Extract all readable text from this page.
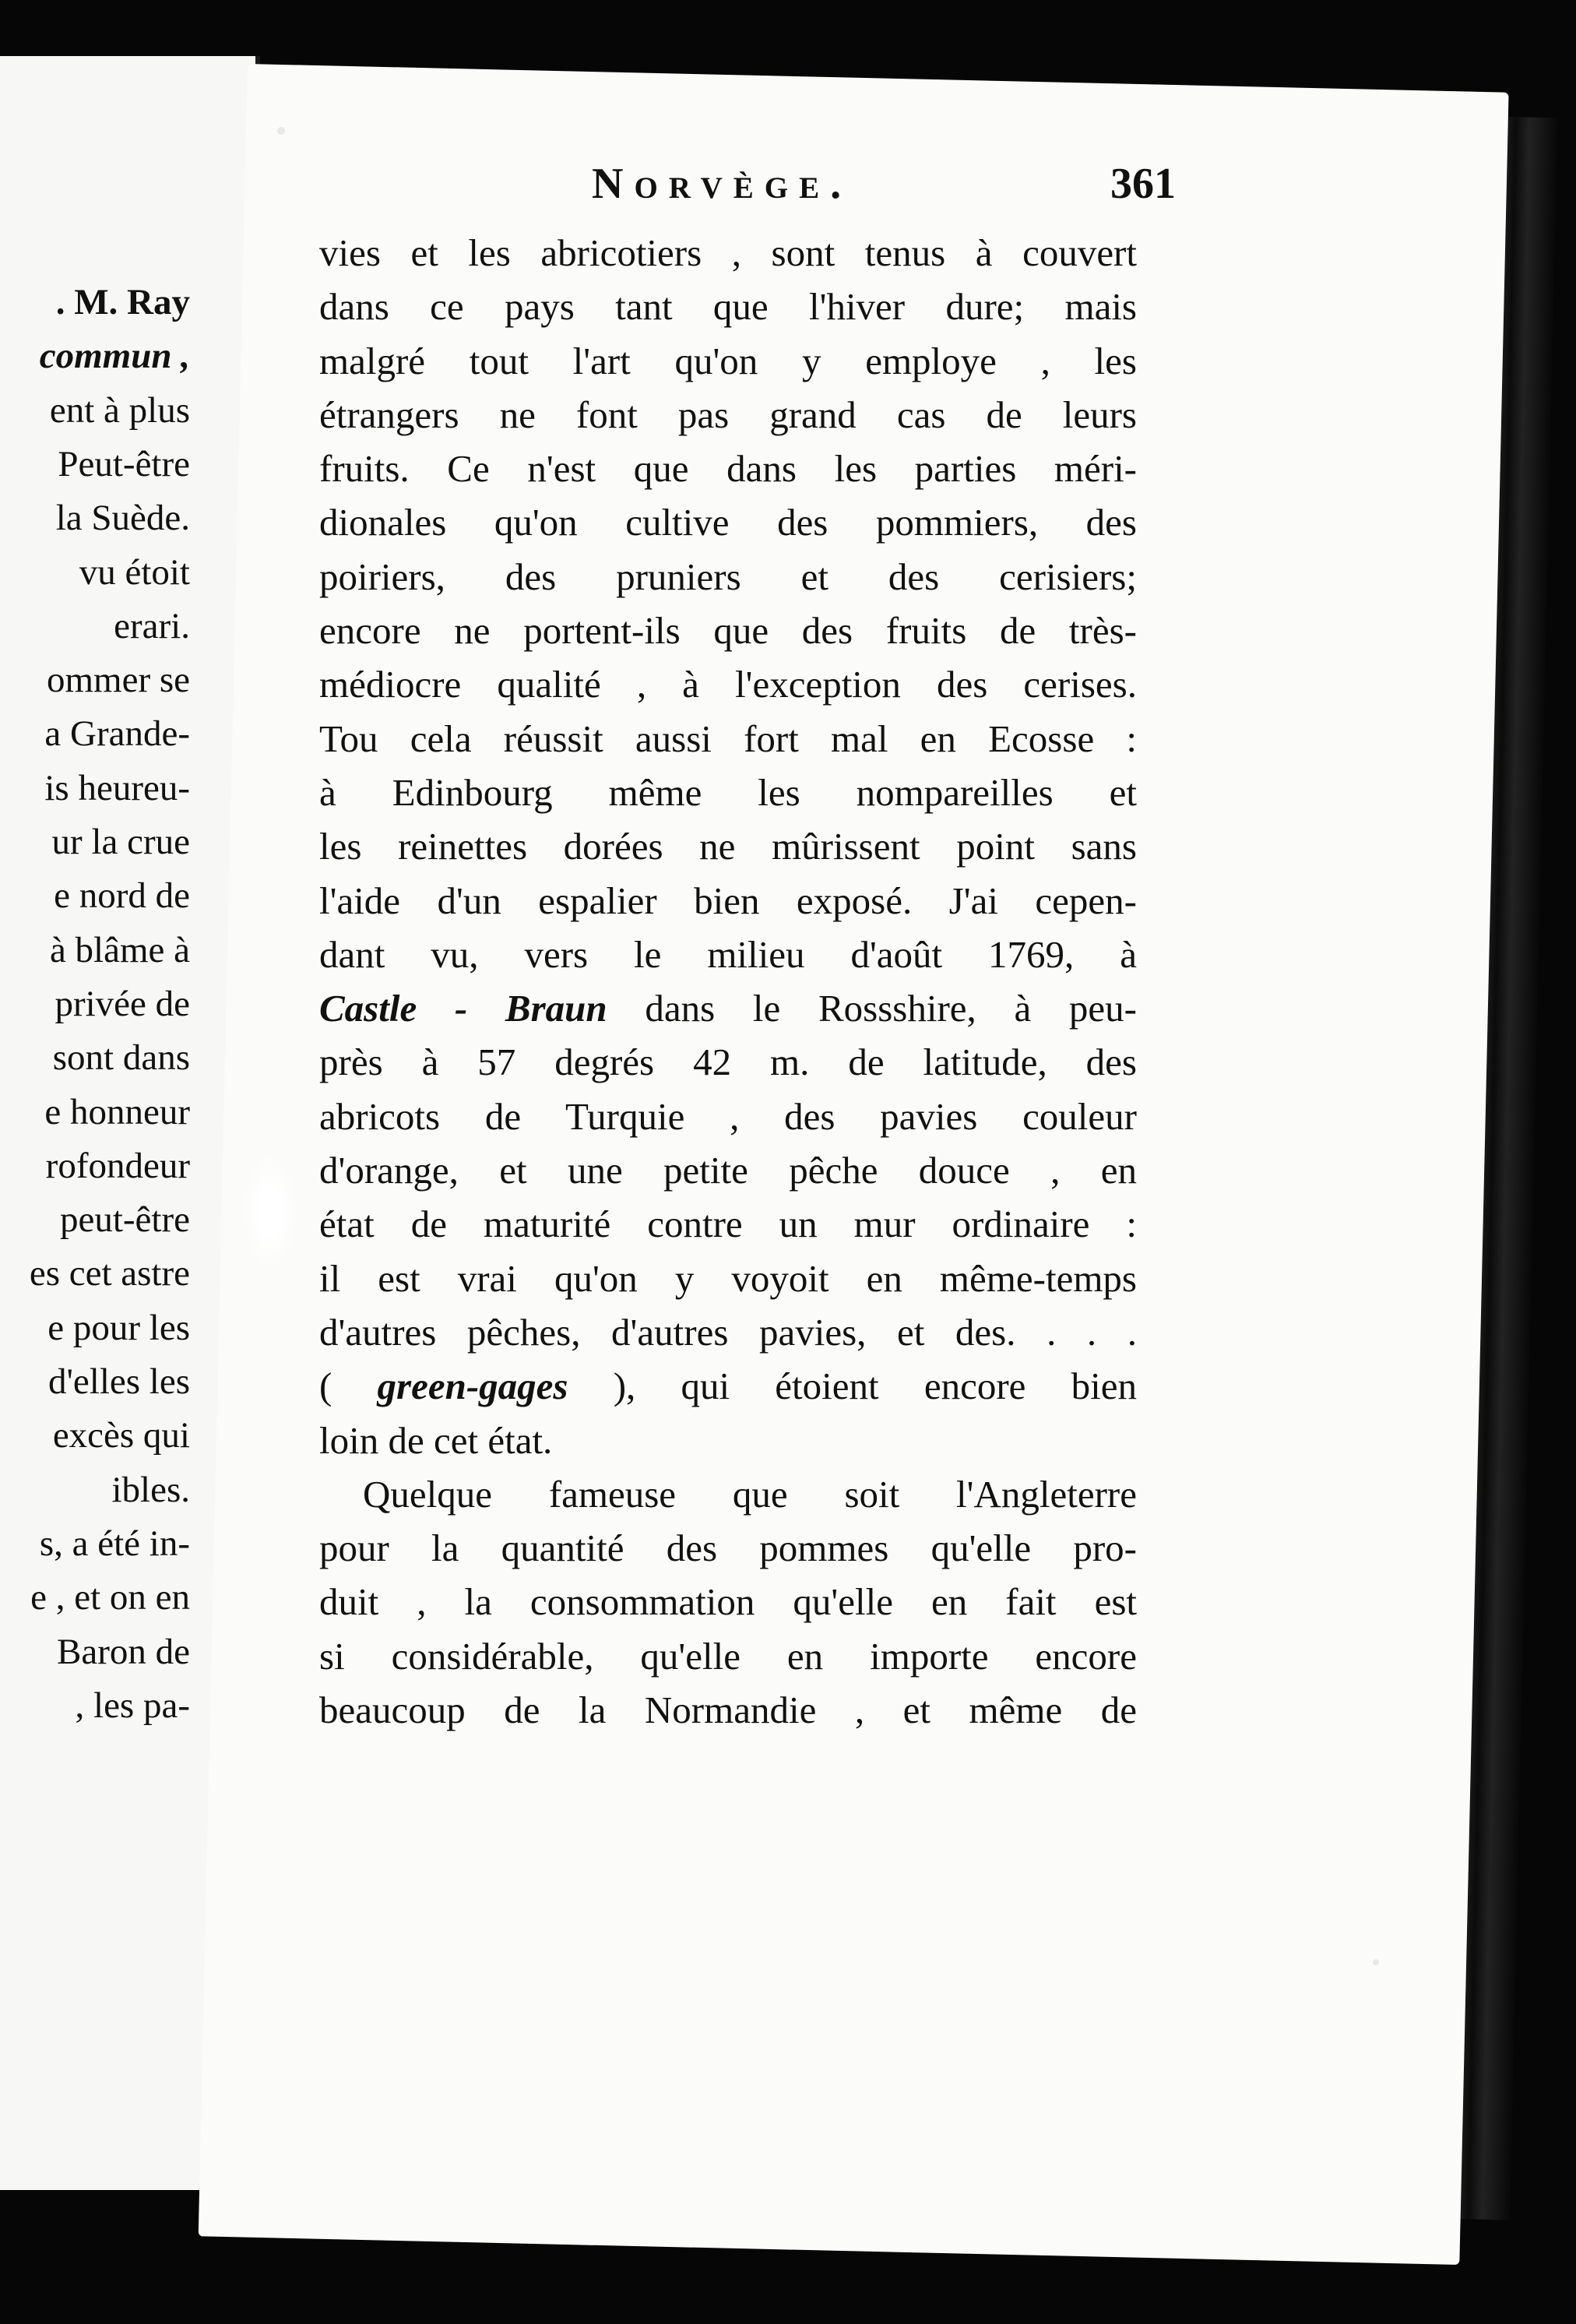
. M. Ray
commun ,
ent à plus
Peut-être
la Suède.
vu étoit
erari.
ommer se
a Grande-
is heureu-
ur la crue
e nord de
à blâme à
privée de
sont dans
e honneur
rofondeur
peut-être
es cet astre
e pour les
d'elles les
excès qui
ibles.
s, a été in-
e , et on en
Baron de
, les pa-
Norvège.	361
vies et les abricotiers , sont tenus à couvert
dans ce pays tant que l'hiver dure; mais
malgré tout l'art qu'on y employe , les
étrangers ne font pas grand cas de leurs
fruits. Ce n'est que dans les parties méri-
dionales qu'on cultive des pommiers, des
poiriers, des pruniers et des cerisiers;
encore ne portent-ils que des fruits de très-
médiocre qualité , à l'exception des cerises.
Tou cela réussit aussi fort mal en Ecosse :
à Edinbourg même les nompareilles et
les reinettes dorées ne mûrissent point sans
l'aide d'un espalier bien exposé. J'ai cepen-
dant vu, vers le milieu d'août 1769, à
Castle - Braun dans le Rossshire, à peu-
près à 57 degrés 42 m. de latitude, des
abricots de Turquie , des pavies couleur
d'orange, et une petite pêche douce , en
état de maturité contre un mur ordinaire :
il est vrai qu'on y voyoit en même-temps
d'autres pêches, d'autres pavies, et des. . . .
( green-gages ), qui étoient encore bien
loin de cet état.
Quelque fameuse que soit l'Angleterre
pour la quantité des pommes qu'elle pro-
duit , la consommation qu'elle en fait est
si considérable, qu'elle en importe encore
beaucoup de la Normandie , et même de
